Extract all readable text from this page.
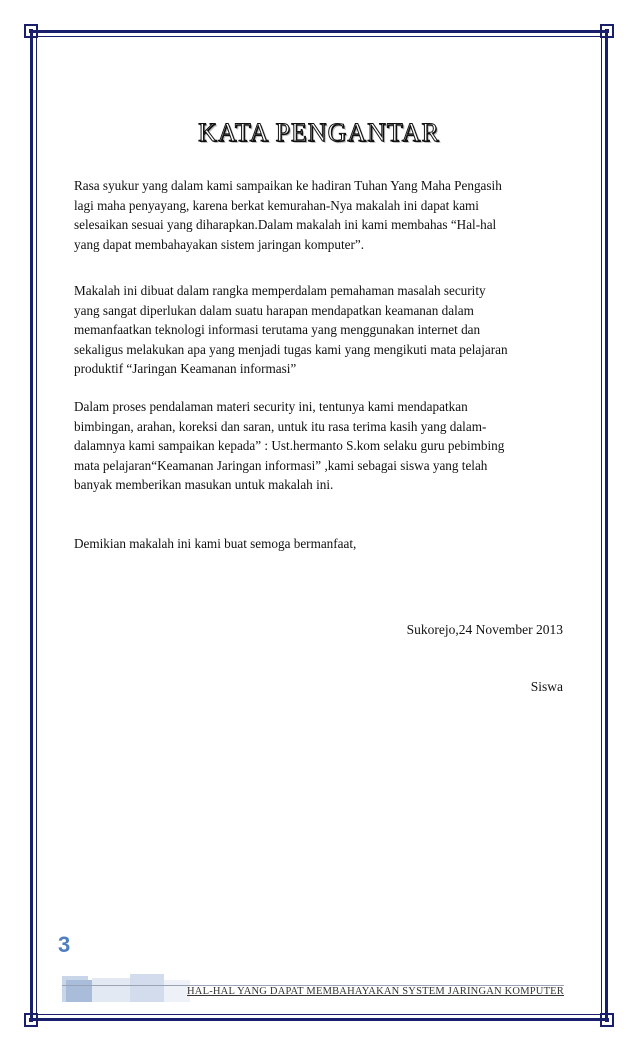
KATA PENGANTAR

Rasa syukur yang dalam kami sampaikan ke hadiran Tuhan Yang Maha Pengasih
lagi maha penyayang, karena berkat kemurahan-Nya makalah ini dapat kami
selesaikan sesuai yang diharapkan.Dalam makalah ini kami membahas “Hal-hal
yang dapat membahayakan sistem jaringan komputer”.

Makalah ini dibuat dalam rangka memperdalam pemahaman masalah security
yang sangat diperlukan dalam suatu harapan mendapatkan keamanan dalam
memanfaatkan teknologi informasi terutama yang menggunakan internet dan
sekaligus melakukan apa yang menjadi tugas kami yang mengikuti mata pelajaran
produktif “Jaringan Keamanan informasi”

Dalam proses pendalaman materi security ini, tentunya kami mendapatkan
bimbingan, arahan, koreksi dan saran, untuk itu rasa terima kasih yang dalam-
dalamnya kami sampaikan kepada” : Ust.hermanto S.kom selaku guru pebimbing
mata pelajaran“Keamanan Jaringan informasi” ,kami sebagai siswa yang telah
banyak memberikan masukan untuk makalah ini.

Demikian makalah ini kami buat semoga bermanfaat,

Sukorejo,24 November 2013
Siswa
3
HAL-HAL YANG DAPAT MEMBAHAYAKAN SYSTEM JARINGAN KOMPUTER
